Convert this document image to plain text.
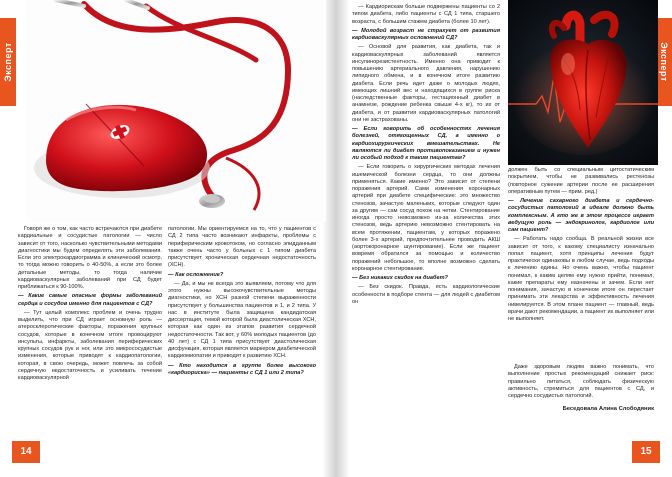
Эксперт

Говоря же о том, как часто встречаются при диабете кардиальные и сосудистые патологии — число зависит от того, насколько чувствительными методами диагностики мы будем определять эти заболевания. Если это электрокардиограмма и клинический осмотр, то тогда можно говорить о 40-50%, а если это более детальные методы, то тогда наличие кардиоваскулярных заболеваний при СД будет приближаться к 90-100%.

— Какие самые опасные формы заболеваний сердца и сосудов именно для пациентов с СД?

— Тут целый комплекс проблем и очень трудно выделить, что при СД играет основную роль — атеросклеротические факторы, поражения крупных сосудов, которые в конечном итоге провоцируют инсульты, инфаркты, заболевания периферических крупных сосудов рук и ног, или это микрососудистые изменения, которые приводят к кардиопатологии, которая, в свою очередь, может повлечь за собой сердечную недостаточность и усиливать течение кардиоваскулярной

патологии. Мы ориентируемся на то, что у пациентов с СД 2 типа часто возникают инфаркты, проблемы с периферическим кровотоком, но согласно эпидданным также очень часто у больных с 1 типом диабета присутствует хроническая сердечная недостаточность (ХСН).

— Как осложнение?

— Да, и мы не всегда это выявляем, потому что для этого нужны высокочувствительные методы диагностики, но ХСН разной степени выраженности присутствует у большинства пациентов и 1, и 2 типа. У нас в институте была защищена кандидатская диссертация, темой которой была диастолическая ХСН, которая как один из этапов развития сердечной недостаточности. Так вот, у 60% молодых пациентов (до 40 лет) с СД 1 типа присутствует диастолическая дисфункция, которая является маркером диабетической кардиомиопатии и приводит к развитию ХСН.

— Кто находится в группе более высокого «кардиориска» — пациенты с СД 1 или 2 типа?

14
Эксперт

— Кардиорискам больше подвержены пациенты со 2 типом диабета, либо пациенты с СД 1 типа, старшего возраста, с большим стажем диабета (более 10 лет).

— Молодой возраст не страхует от развития кардиоваскулярных осложнений СД?

— Основой для развития, как диабета, так и кардиоваскулярных заболеваний является инсулинорезистентность. Именно она приводит к повышению артериального давления, нарушению липидного обмена, и в конечном итоге развитию диабета. Если речь идет даже о молодых людях, имеющих лишний вес и находящихся в группе риска (наследственные факторы, гестационный диабет в анамнезе, рождение ребенка свыше 4-х кг), то их от диабета, и от развития кардиоваскулярных патологий они не застрахованы.

— Если говорить об особенностях лечения болезней, отягощенных СД, а именно о кардиохирургических вмешательствах. Не являются ли диабет противопоказанием и нужен ли особый подход к таким пациентам?

— Если говорить о хирургических методах лечения ишемической болезни сердца, то они должны применяться. Какие именно? Это зависит от степени поражения артерий. Сами изменения коронарных артерий при диабете специфические: это множество стенозов, зачастую маленьких, которые следуют один за другим — сам сосуд похож на четки. Стентирование иногда просто невозможно из-за количества этих стенозов, ведь артерию невозможно стентировать на всем протяжении, пациентам, у которых поражено более 3-х артерий, предпочтительнее проводить АКШ (аортокоронарное шунтирование). Если же пациент вовремя обратился за помощью и количество поражений небольшое, то вполне возможно сделать коронарное стентирование.

— Без никаких скидок на диабет?

— Без скидок. Правда, есть кардиологические особенности в подборе стента — для людей с диабетом он

должен быть со специальным цитостатическим покрытием, чтобы не развивались рестенозы (повторное сужение артерии после ее расширения оперативным путем — прим. ред.)

— Лечение сахарного диабета и сердечно-сосудистых патологий в идеале должно быть комплексным. А кто же в этом процессе играет ведущую роль — эндокринолог, кардиолог или сам пациент?

— Работать надо сообща. В реальной жизни все зависит от того, к какому специалисту изначально попал пациент, хотя принципы лечения будут практически одинаковы в любом случае, ведь подходы к лечению едины. Но очень важно, чтобы пациент понимал, к каким целям ему нужно прийти, понимал, какие препараты ему назначены и зачем. Если нет понимания, зачастую в конечном итоге он перестает принимать эти лекарства и эффективность лечения нивелируется. В этом плане пациент — главный, ведь врачи дают рекомендации, а пациент их выполняет или не выполняет.

Даже здоровым людям важно понимать, что выполнение простых рекомендаций снижает риск: правильно питаться, соблюдать физическую активность, стремиться для пациентов с СД, и сердечно сосудистых патологий.

Беседовала Алина Слободяник

15
